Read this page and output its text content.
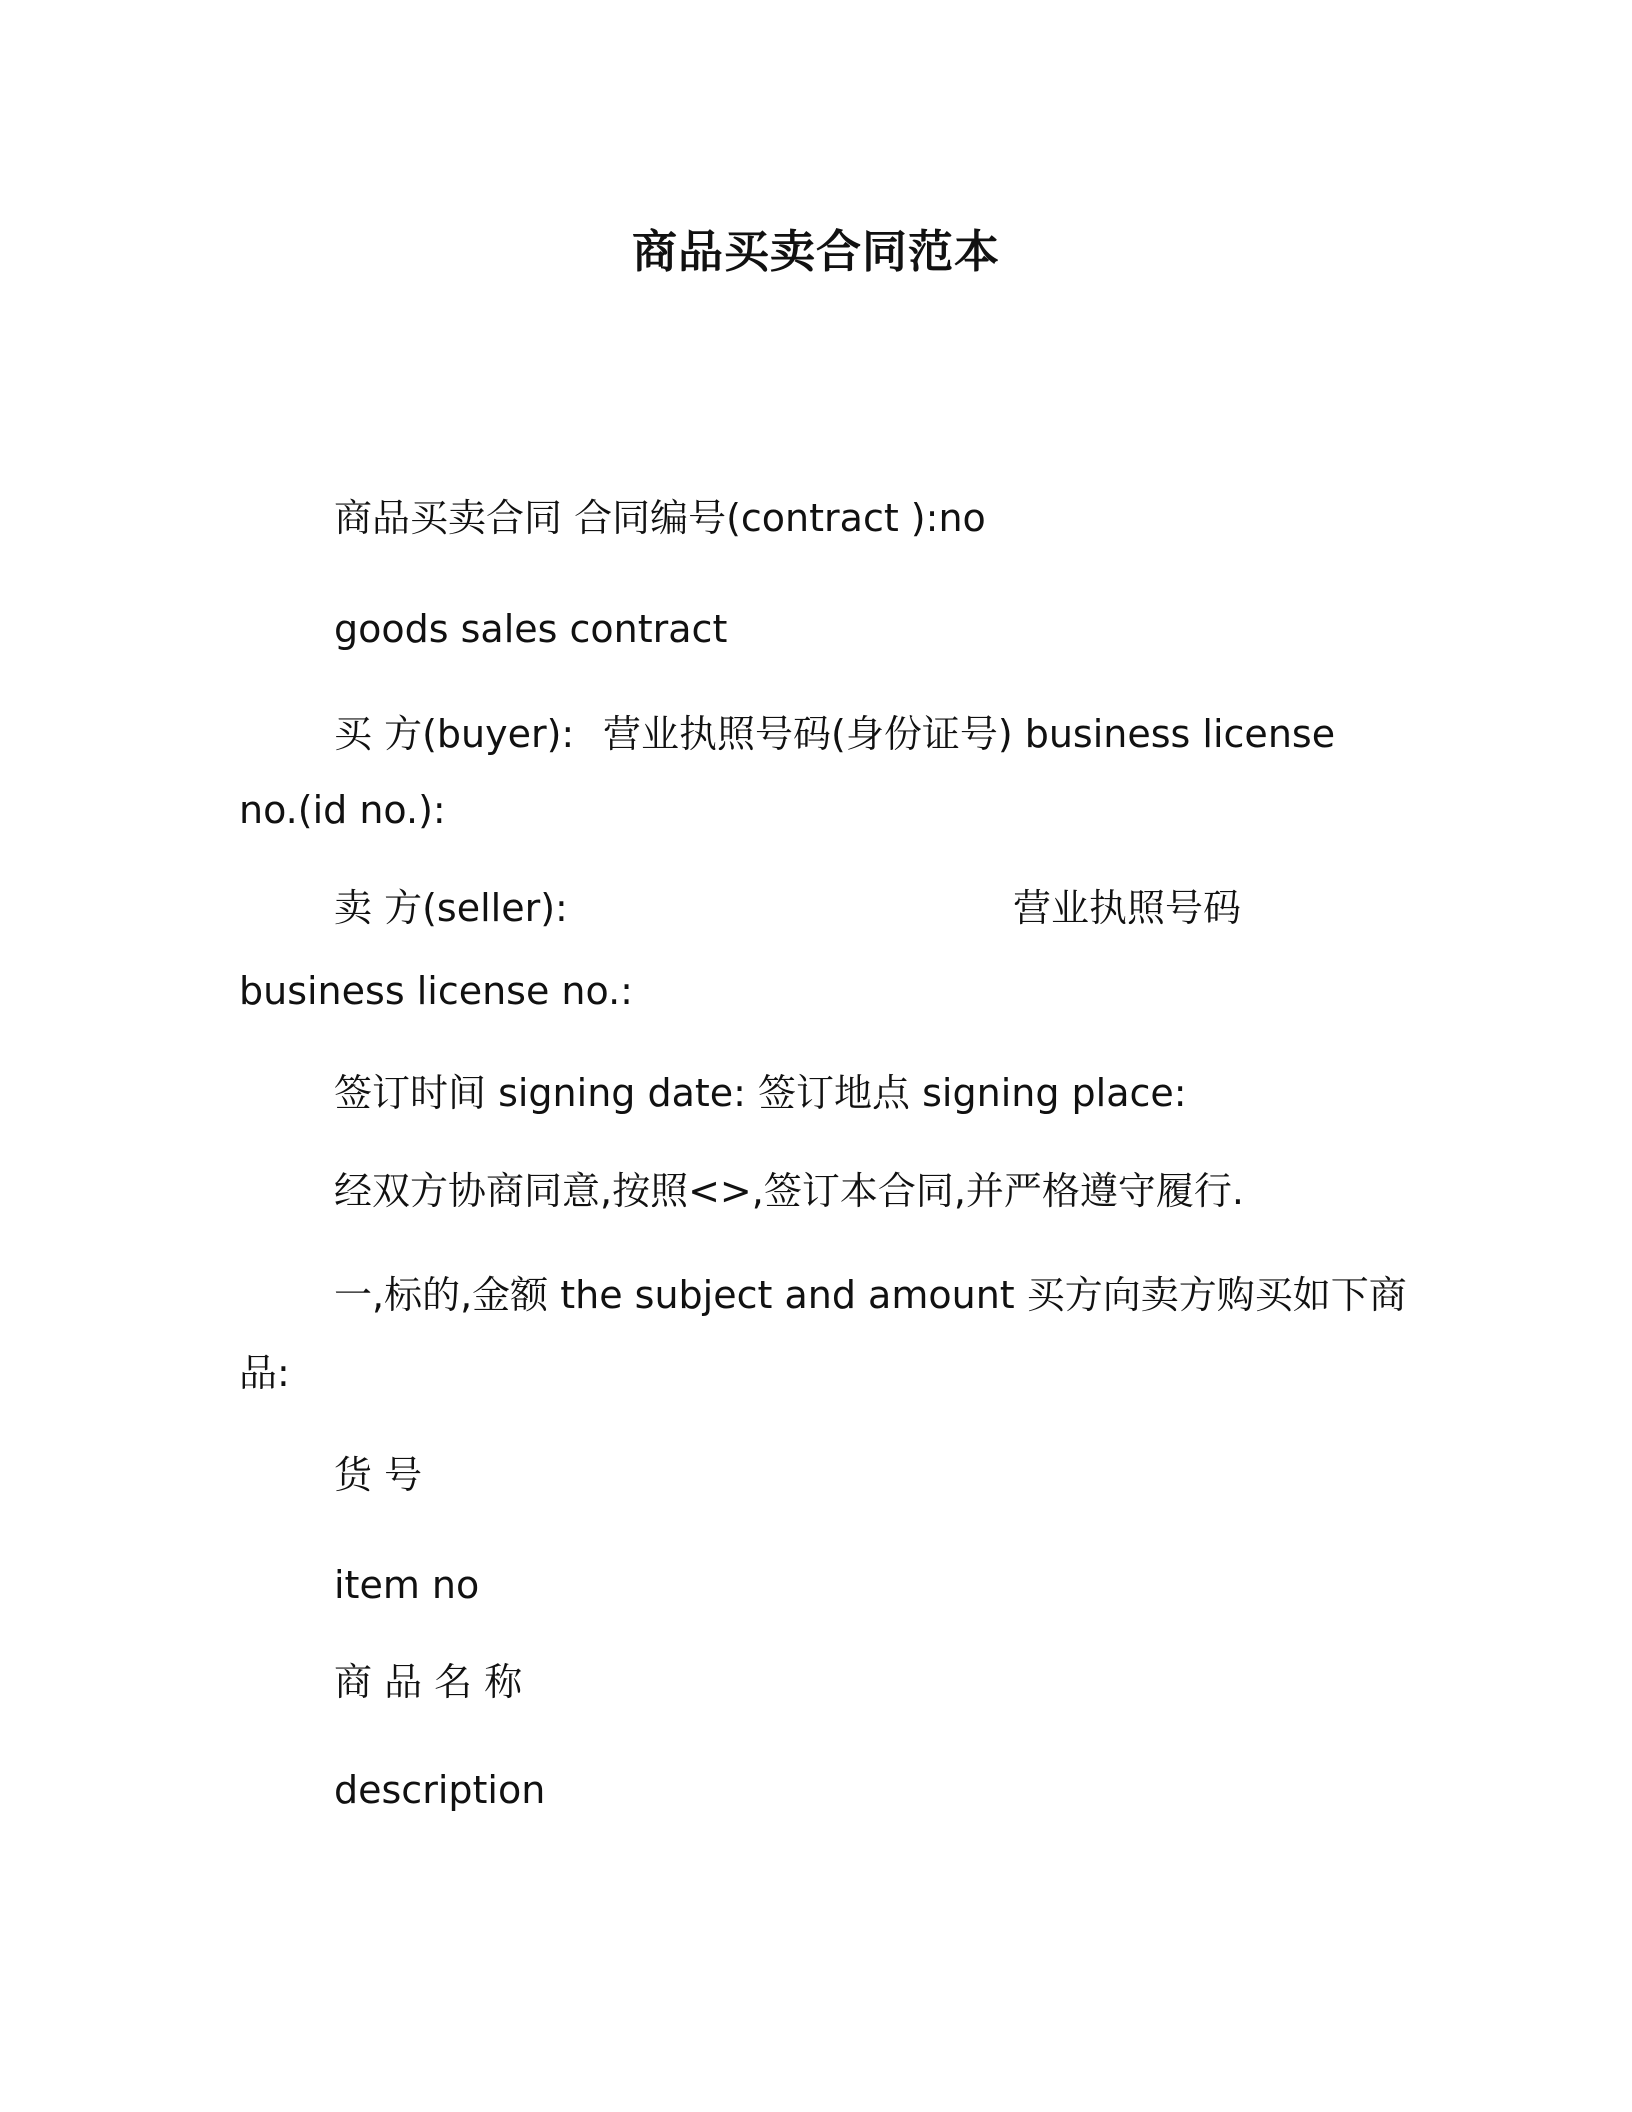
商品买卖合同范本
商品买卖合同 合同编号(contract ):no
goods sales contract
买 方(buyer): 营业执照号码(身份证号) business license
no.(id no.):
卖 方(seller):	营业执照号码
business license no.:
签订时间 signing date: 签订地点 signing place:
经双方协商同意,按照<>,签订本合同,并严格遵守履行.
一,标的,金额 the subject and amount 买方向卖方购买如下商
品:
货 号
item no
商 品 名 称
description
